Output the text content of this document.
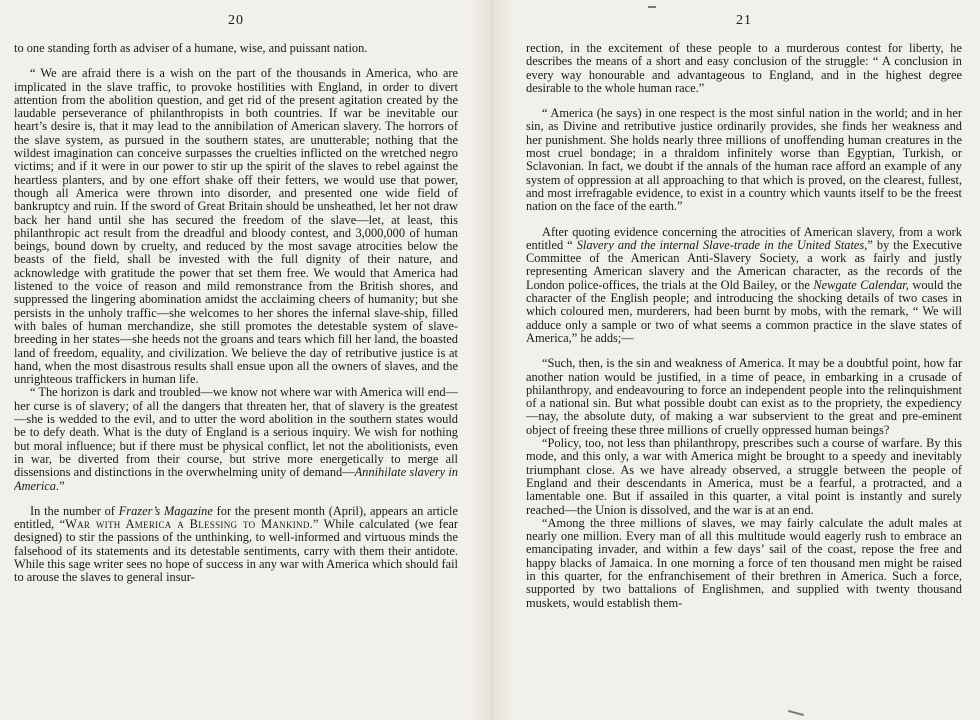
20

to one standing forth as adviser of a humane, wise, and puissant nation.

“ We are afraid there is a wish on the part of the thousands in America, who are implicated in the slave traffic, to provoke hostilities with England, in order to divert attention from the abolition question, and get rid of the present agitation created by the laudable perseverance of philanthropists in both countries. If war be inevitable our heart’s desire is, that it may lead to the annibilation of American slavery. The horrors of the slave system, as pursued in the southern states, are unutterable; nothing that the wildest imagination can conceive surpasses the cruelties inflicted on the wretched negro victims; and if it were in our power to stir up the spirit of the slaves to rebel against the heartless planters, and by one effort shake off their fetters, we would use that power, though all America were thrown into disorder, and presented one wide field of bankruptcy and ruin. If the sword of Great Britain should be unsheathed, let her not draw back her hand until she has secured the freedom of the slave—let, at least, this philanthropic act result from the dreadful and bloody contest, and 3,000,000 of human beings, bound down by cruelty, and reduced by the most savage atrocities below the beasts of the field, shall be invested with the full dignity of their nature, and acknowledge with gratitude the power that set them free. We would that America had listened to the voice of reason and mild remonstrance from the British shores, and suppressed the lingering abomination amidst the acclaiming cheers of humanity; but she persists in the unholy traffic—she welcomes to her shores the infernal slave-ship, filled with bales of human merchandize, she still promotes the detestable system of slave-breeding in her states—she heeds not the groans and tears which fill her land, the boasted land of freedom, equality, and civilization. We believe the day of retributive justice is at hand, when the most disastrous results shall ensue upon all the owners of slaves, and the unrighteous traffickers in human life.

“ The horizon is dark and troubled—we know not where war with America will end—her curse is of slavery; of all the dangers that threaten her, that of slavery is the greatest—she is wedded to the evil, and to utter the word abolition in the southern states would be to defy death. What is the duty of England is a serious inquiry. We wish for nothing but moral influence; but if there must be physical conflict, let not the abolitionists, even in war, be diverted from their course, but strive more energetically to merge all dissensions and distinctions in the overwhelming unity of demand—Annihilate slavery in America.”

In the number of Frazer’s Magazine for the present month (April), appears an article entitled, “War with America a Blessing to Mankind.” While calculated (we fear designed) to stir the passions of the unthinking, to well-informed and virtuous minds the falsehood of its statements and its detestable sentiments, carry with them their antidote. While this sage writer sees no hope of success in any war with America which should fail to arouse the slaves to general insur-

21

rection, in the excitement of these people to a murderous contest for liberty, he describes the means of a short and easy conclusion of the struggle: “ A conclusion in every way honourable and advantageous to England, and in the highest degree desirable to the whole human race.”

“ America (he says) in one respect is the most sinful nation in the world; and in her sin, as Divine and retributive justice ordinarily provides, she finds her weakness and her punishment. She holds nearly three millions of unoffending human creatures in the most cruel bondage; in a thraldom infinitely worse than Egyptian, Turkish, or Sclavonian. In fact, we doubt if the annals of the human race afford an example of any system of oppression at all approaching to that which is proved, on the clearest, fullest, and most irrefragable evidence, to exist in a country which vaunts itself to be the freest nation on the face of the earth.”

After quoting evidence concerning the atrocities of American slavery, from a work entitled “ Slavery and the internal Slave-trade in the United States,” by the Executive Committee of the American Anti-Slavery Society, a work as fairly and justly representing American slavery and the American character, as the records of the London police-offices, the trials at the Old Bailey, or the Newgate Calendar, would the character of the English people; and introducing the shocking details of two cases in which coloured men, murderers, had been burnt by mobs, with the remark, “ We will adduce only a sample or two of what seems a common practice in the slave states of America,” he adds;—

“Such, then, is the sin and weakness of America. It may be a doubtful point, how far another nation would be justified, in a time of peace, in embarking in a crusade of philanthropy, and endeavouring to force an independent people into the relinquishment of a national sin. But what possible doubt can exist as to the propriety, the expediency—nay, the absolute duty, of making a war subservient to the great and pre-eminent object of freeing these three millions of cruelly oppressed human beings?

“Policy, too, not less than philanthropy, prescribes such a course of warfare. By this mode, and this only, a war with America might be brought to a speedy and inevitably triumphant close. As we have already observed, a struggle between the people of England and their descendants in America, must be a fearful, a protracted, and a lamentable one. But if assailed in this quarter, a vital point is instantly and surely reached—the Union is dissolved, and the war is at an end.

“Among the three millions of slaves, we may fairly calculate the adult males at nearly one million. Every man of all this multitude would eagerly rush to embrace an emancipating invader, and within a few days’ sail of the coast, repose the free and happy blacks of Jamaica. In one morning a force of ten thousand men might be raised in this quarter, for the enfranchisement of their brethren in America. Such a force, supported by two battalions of Englishmen, and supplied with twenty thousand muskets, would establish them-
